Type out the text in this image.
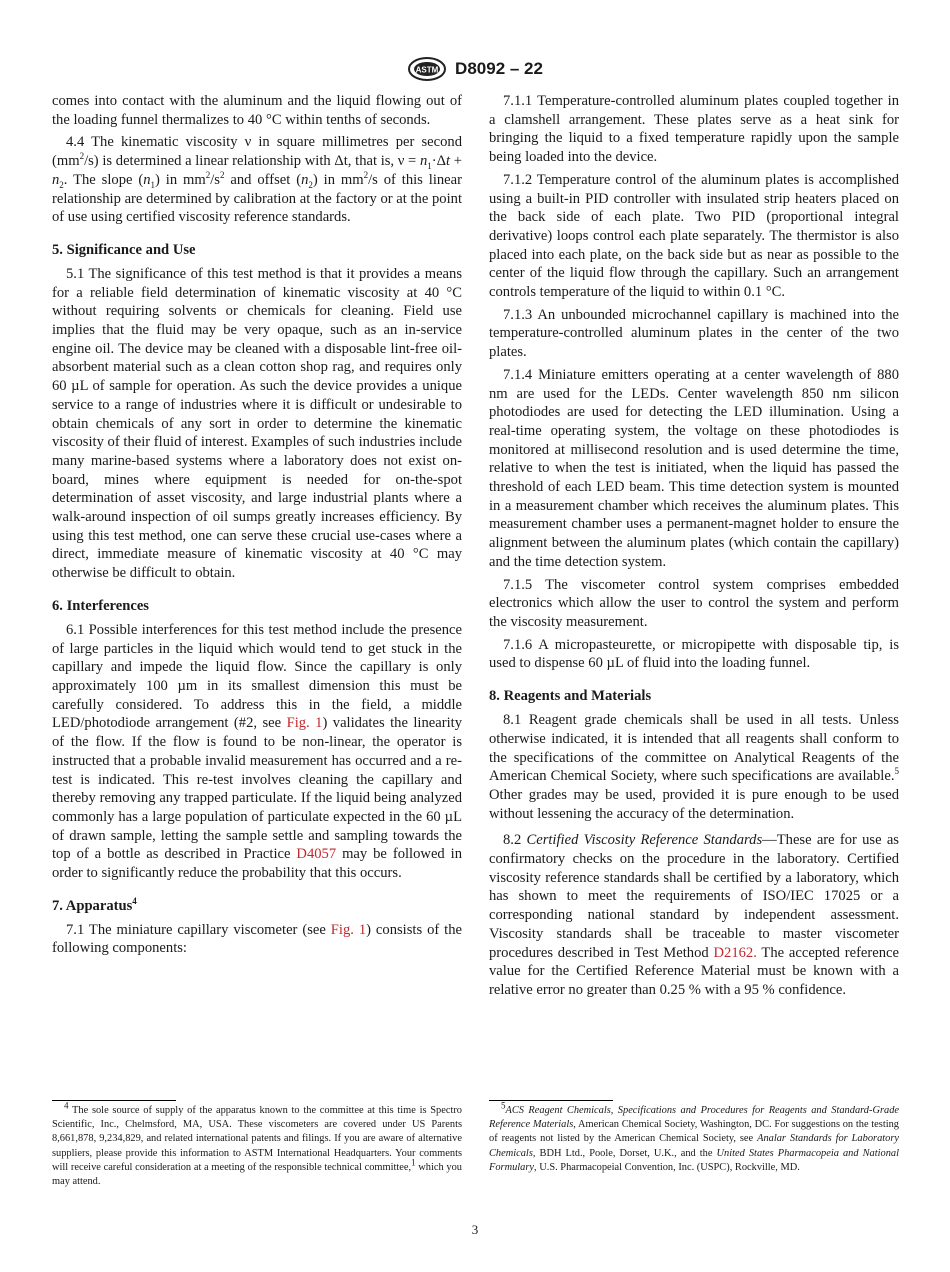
ASTM D8092 – 22

comes into contact with the aluminum and the liquid flowing out of the loading funnel thermalizes to 40 °C within tenths of seconds.

4.4 The kinematic viscosity ν in square millimetres per second $(mm^2/s)$ is determined a linear relationship with Δt, that is, $\nu = n_1\cdot\Delta t + n_2$. The slope $(n_1)$ in $mm^2/s^2$ and offset $(n_2)$ in $mm^2/s$ of this linear relationship are determined by calibration at the factory or at the point of use using certified viscosity reference standards.

5. Significance and Use

5.1 The significance of this test method is that it provides a means for a reliable field determination of kinematic viscosity at 40 °C without requiring solvents or chemicals for cleaning. Field use implies that the fluid may be very opaque, such as an in-service engine oil. The device may be cleaned with a disposable lint-free oil-absorbent material such as a clean cotton shop rag, and requires only 60 µL of sample for operation. As such the device provides a unique service to a range of industries where it is difficult or undesirable to obtain chemicals of any sort in order to determine the kinematic viscosity of their fluid of interest. Examples of such industries include many marine-based systems where a laboratory does not exist on-board, mines where equipment is needed for on-the-spot determination of asset viscosity, and large industrial plants where a walk-around inspection of oil sumps greatly increases efficiency. By using this test method, one can serve these crucial use-cases where a direct, immediate measure of kinematic viscosity at 40 °C may otherwise be difficult to obtain.

6. Interferences

6.1 Possible interferences for this test method include the presence of large particles in the liquid which would tend to get stuck in the capillary and impede the liquid flow. Since the capillary is only approximately 100 µm in its smallest dimension this must be carefully considered. To address this in the field, a middle LED/photodiode arrangement (#2, see Fig. 1) validates the linearity of the flow. If the flow is found to be non-linear, the operator is instructed that a probable invalid measurement has occurred and a re-test is indicated. This re-test involves cleaning the capillary and thereby removing any trapped particulate. If the liquid being analyzed commonly has a large population of particulate expected in the 60 µL of drawn sample, letting the sample settle and sampling towards the top of a bottle as described in Practice D4057 may be followed in order to significantly reduce the probability that this occurs.

7. Apparatus$^4$

7.1 The miniature capillary viscometer (see Fig. 1) consists of the following components:

7.1.1 Temperature-controlled aluminum plates coupled together in a clamshell arrangement. These plates serve as a heat sink for bringing the liquid to a fixed temperature rapidly upon the sample being loaded into the device.

7.1.2 Temperature control of the aluminum plates is accomplished using a built-in PID controller with insulated strip heaters placed on the back side of each plate. Two PID (proportional integral derivative) loops control each plate separately. The thermistor is also placed into each plate, on the back side but as near as possible to the center of the liquid flow through the capillary. Such an arrangement controls temperature of the liquid to within 0.1 °C.

7.1.3 An unbounded microchannel capillary is machined into the temperature-controlled aluminum plates in the center of the two plates.

7.1.4 Miniature emitters operating at a center wavelength of 880 nm are used for the LEDs. Center wavelength 850 nm silicon photodiodes are used for detecting the LED illumination. Using a real-time operating system, the voltage on these photodiodes is monitored at millisecond resolution and is used determine the time, relative to when the test is initiated, when the liquid has passed the threshold of each LED beam. This time detection system is mounted in a measurement chamber which receives the aluminum plates. This measurement chamber uses a permanent-magnet holder to ensure the alignment between the aluminum plates (which contain the capillary) and the time detection system.

7.1.5 The viscometer control system comprises embedded electronics which allow the user to control the system and perform the viscosity measurement.

7.1.6 A micropasteurette, or micropipette with disposable tip, is used to dispense 60 µL of fluid into the loading funnel.

8. Reagents and Materials

8.1 Reagent grade chemicals shall be used in all tests. Unless otherwise indicated, it is intended that all reagents shall conform to the specifications of the committee on Analytical Reagents of the American Chemical Society, where such specifications are available.$^5$ Other grades may be used, provided it is pure enough to be used without lessening the accuracy of the determination.

8.2 Certified Viscosity Reference Standards—These are for use as confirmatory checks on the procedure in the laboratory. Certified viscosity reference standards shall be certified by a laboratory, which has shown to meet the requirements of ISO/IEC 17025 or a corresponding national standard by independent assessment. Viscosity standards shall be traceable to master viscometer procedures described in Test Method D2162. The accepted reference value for the Certified Reference Material must be known with a relative error no greater than 0.25 % with a 95 % confidence.

$^4$ The sole source of supply of the apparatus known to the committee at this time is Spectro Scientific, Inc., Chelmsford, MA, USA. These viscometers are covered under US Parents 8,661,878, 9,234,829, and related international patents and filings. If you are aware of alternative suppliers, please provide this information to ASTM International Headquarters. Your comments will receive careful consideration at a meeting of the responsible technical committee,$^1$ which you may attend.

$^5$ACS Reagent Chemicals, Specifications and Procedures for Reagents and Standard-Grade Reference Materials, American Chemical Society, Washington, DC. For suggestions on the testing of reagents not listed by the American Chemical Society, see Analar Standards for Laboratory Chemicals, BDH Ltd., Poole, Dorset, U.K., and the United States Pharmacopeia and National Formulary, U.S. Pharmacopeial Convention, Inc. (USPC), Rockville, MD.

3
